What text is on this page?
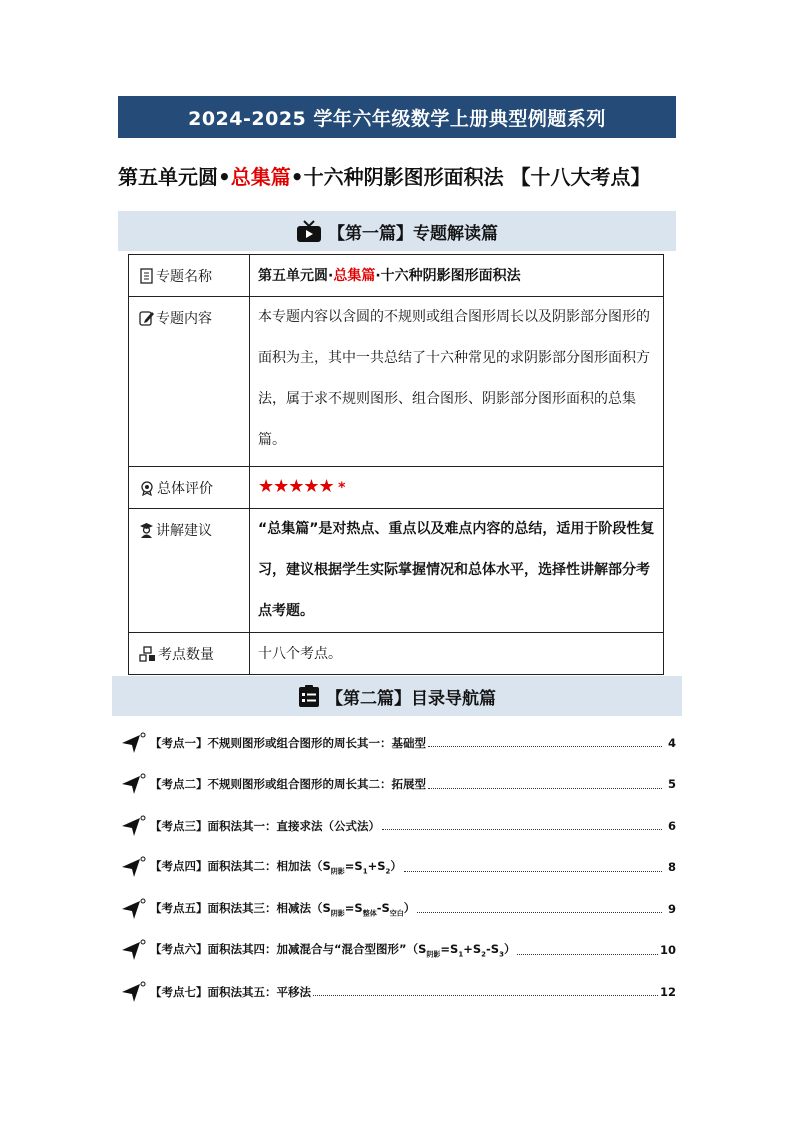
2024-2025 学年六年级数学上册典型例题系列
第五单元圆• 总集篇 •十六种阴影图形面积法 【十八大考点】
【第一篇】专题解读篇
专题名称	第五单元圆·总集篇·十六种阴影图形面积法
专题内容	本专题内容以含圆的不规则或组合图形周长以及阴影部分图形的面积为主，其中一共总结了十六种常见的求阴影部分图形面积方法，属于求不规则图形、组合图形、阴影部分图形面积的总集篇。
总体评价	★★★★★ *
讲解建议	“总集篇”是对热点、重点以及难点内容的总结，适用于阶段性复习，建议根据学生实际掌握情况和总体水平，选择性讲解部分考点考题。
考点数量	十八个考点。
【第二篇】目录导航篇
【考点一】不规则图形或组合图形的周长其一：基础型	4
【考点二】不规则图形或组合图形的周长其二：拓展型	5
【考点三】面积法其一：直接求法（公式法）	6
【考点四】面积法其二：相加法$(S_{阴影}=S_1+S_2)$	8
【考点五】面积法其三：相减法$(S_{阴影}=S_{整体}-S_{空白})$	9
【考点六】面积法其四：加减混合与“混合型图形$”(S_{阴影}=S_1+S_2-S_3)$	10
【考点七】面积法其五：平移法	12
